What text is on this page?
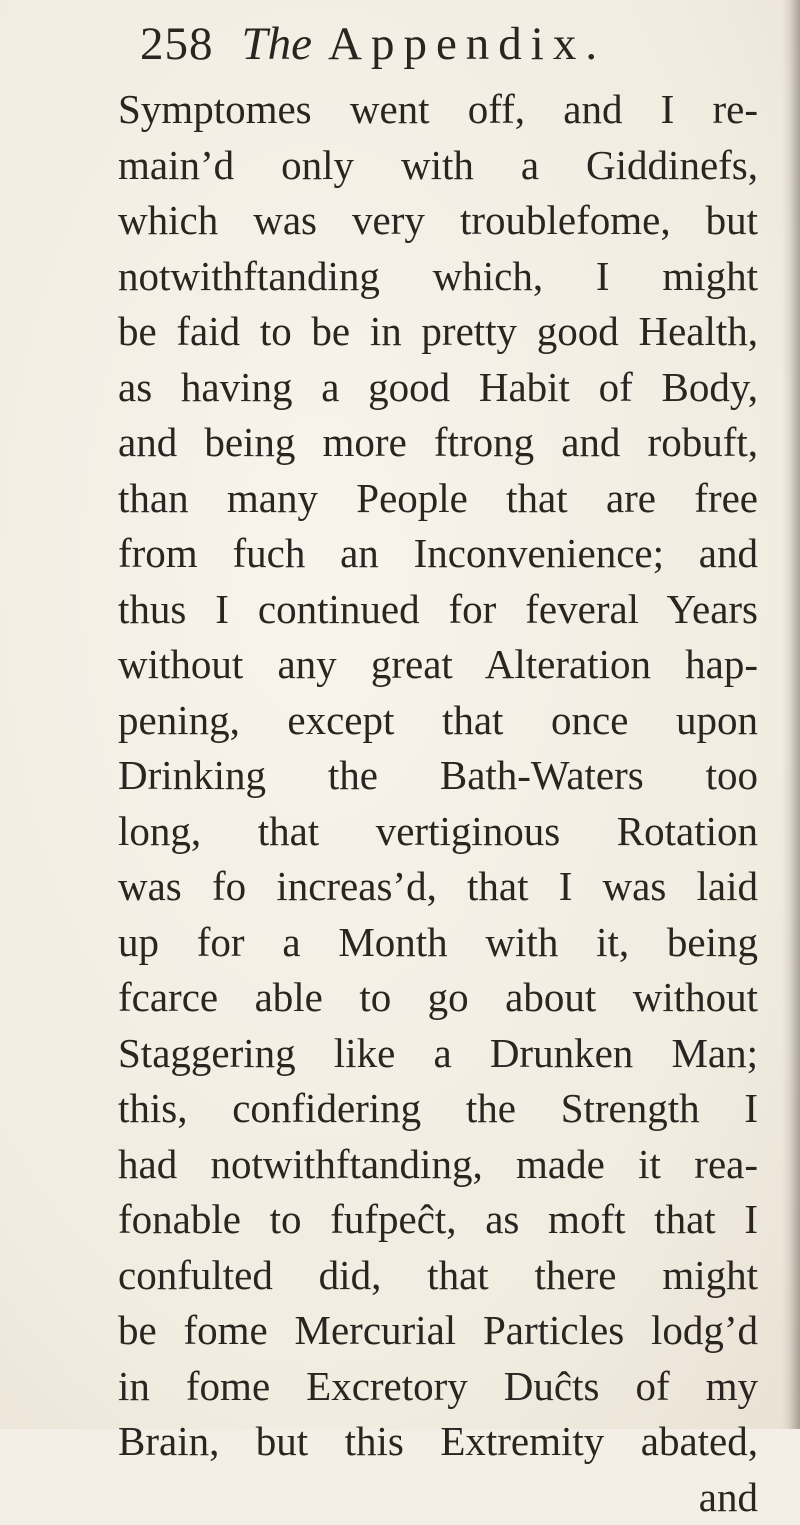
258 The Appendix.
Symptomes went off, and I re-
main’d only with a Giddinefs,
which was very troublefome, but
notwithftanding which, I might
be faid to be in pretty good Health,
as having a good Habit of Body,
and being more ftrong and robuft,
than many People that are free
from fuch an Inconvenience; and
thus I continued for feveral Years
without any great Alteration hap-
pening, except that once upon
Drinking the Bath-Waters too
long, that vertiginous Rotation
was fo increas’d, that I was laid
up for a Month with it, being
fcarce able to go about without
Staggering like a Drunken Man;
this, confidering the Strength I
had notwithftanding, made it rea-
fonable to fufpeĉt, as moft that I
confulted did, that there might
be fome Mercurial Particles lodg’d
in fome Excretory Duĉts of my
Brain, but this Extremity abated,
and
